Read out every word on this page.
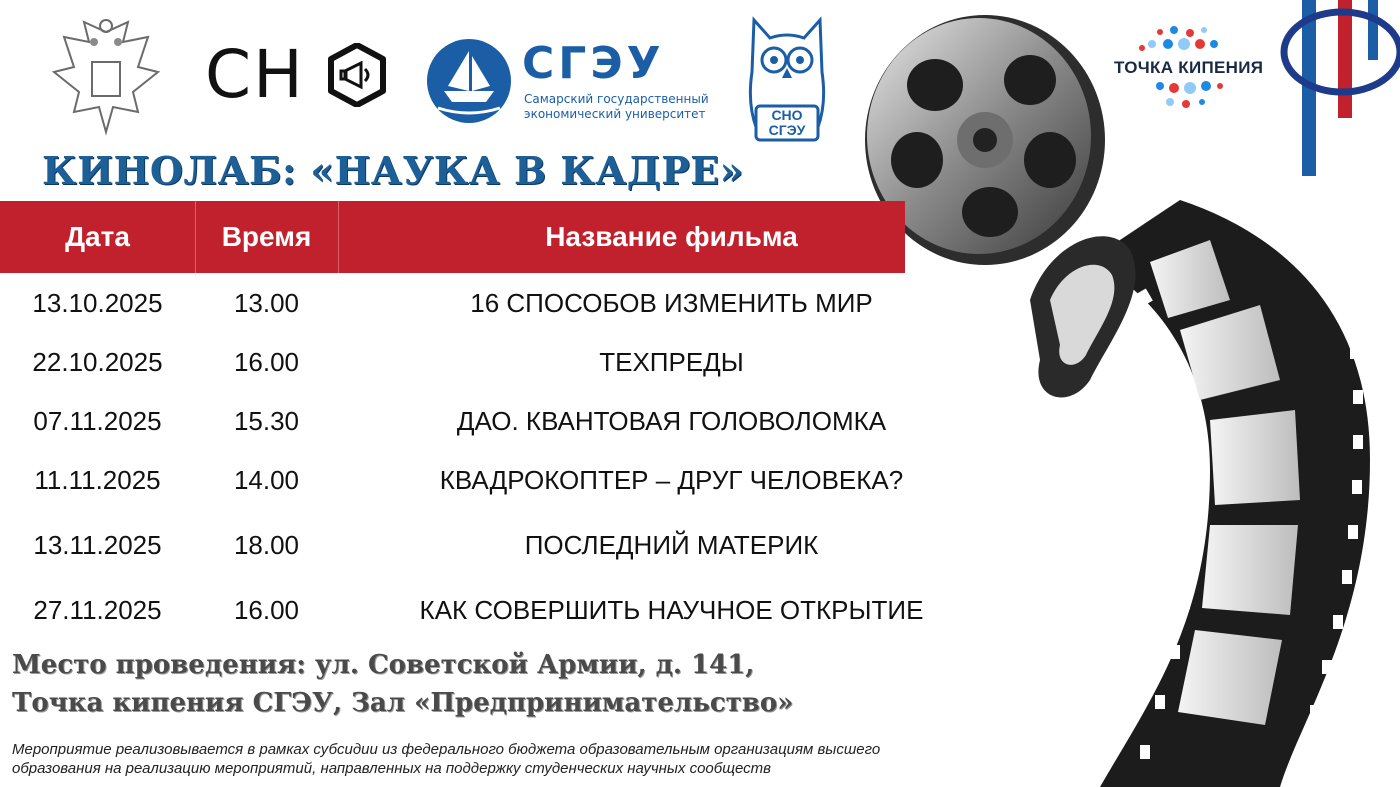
СН	СГЭУ
Самарский государственный
экономический университет	СНО
СГЭУ
ТОЧКА КИПЕНИЯ
КИНОЛАБ: «НАУКА В КАДРЕ»
Дата	Время	Название фильма
13.10.2025	13.00	16 СПОСОБОВ ИЗМЕНИТЬ МИР
22.10.2025	16.00	ТЕХПРЕДЫ
07.11.2025	15.30	ДАО. КВАНТОВАЯ ГОЛОВОЛОМКА
11.11.2025	14.00	КВАДРОКОПТЕР – ДРУГ ЧЕЛОВЕКА?
13.11.2025	18.00	ПОСЛЕДНИЙ МАТЕРИК
27.11.2025	16.00	КАК СОВЕРШИТЬ НАУЧНОЕ ОТКРЫТИЕ
Место проведения: ул. Советской Армии, д. 141,
Точка кипения СГЭУ, Зал «Предпринимательство»
Мероприятие реализовывается в рамках субсидии из федерального бюджета образовательным организациям высшего
образования на реализацию мероприятий, направленных на поддержку студенческих научных сообществ
